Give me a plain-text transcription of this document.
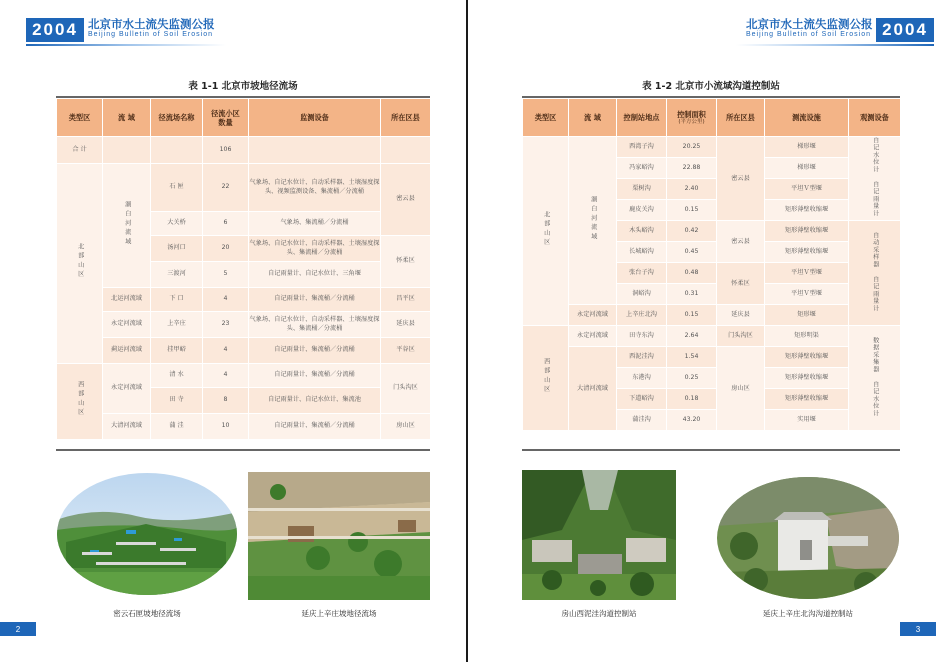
2004 北京市水土流失监测公报
Beijing Bulletin of Soil Erosion
表 1-1 北京市坡地径流场
类型区	流 域	径流场名称	径流小区
数量	监测设备	所在区县
合 计			106		
北部山区	潮白河流域	石 匣	22	气象场、自记水位计、自动采样器、土壤湿度探头、视频监测设备、集流桶／分流桶	密云县
		大关桥	6	气象场、集流桶／分流桶	
		汤河口	20	气象场、自记水位计、自动采样器、土壤湿度探头、集流桶／分流桶	怀柔区
		三渡河	5	自记雨量计、自记水位计、三角堰	
	北运河流域	下 口	4	自记雨量计、集流桶／分流桶	昌平区
	永定河流域	上辛庄	23	气象场、自记水位计、自动采样器、土壤湿度探头、集流桶／分流桶	延庆县
	蓟运河流域	挂甲峪	4	自记雨量计、集流桶／分流桶	平谷区
西部山区	永定河流域	清 水	4	自记雨量计、集流桶／分流桶	门头沟区
		田 寺	8	自记雨量计、自记水位计、集流池	
	大清河流域	蒲 洼	10	自记雨量计、集流桶／分流桶	房山区
密云石匣坡地径流场	延庆上辛庄坡地径流场
2
北京市水土流失监测公报
Beijing Bulletin of Soil Erosion 2004
表 1-2 北京市小流域沟道控制站
类型区	流 域	控制站地点	控制面积
(平方公里)	所在区县	测流设施	观测设备
北部山区	潮白河流域	西湾子沟	20.25	密云县	梯形堰	自记水位计 自记雨量计
		冯家峪沟	22.88		梯形堰	
		栗树沟	2.40		平坦Ｖ型堰	
		鹿皮关沟	0.15		矩形薄壁收缩堰	
		木头峪沟	0.42	密云县	矩形薄壁收缩堰	自动采样器 自记雨量计
		长城峪沟	0.45		矩形薄壁收缩堰	
		张台子沟	0.48	怀柔区	平坦Ｖ型堰	
		洞峪沟	0.31		平坦Ｖ型堰	
	永定河流域	上辛庄北沟	0.15	延庆县	矩形堰	
西部山区	永定河流域	田寺东沟	2.64	门头沟区	矩形明渠	数据采集器 自记水位计
	大清河流域	西泥洼沟	1.54	房山区	矩形薄壁收缩堰	
		东港沟	0.25		矩形薄壁收缩堰	
		下道峪沟	0.18		矩形薄壁收缩堰	
		蒲洼沟	43.20		实用堰	
房山西泥洼沟道控制站	延庆上辛庄北沟沟道控制站
3
